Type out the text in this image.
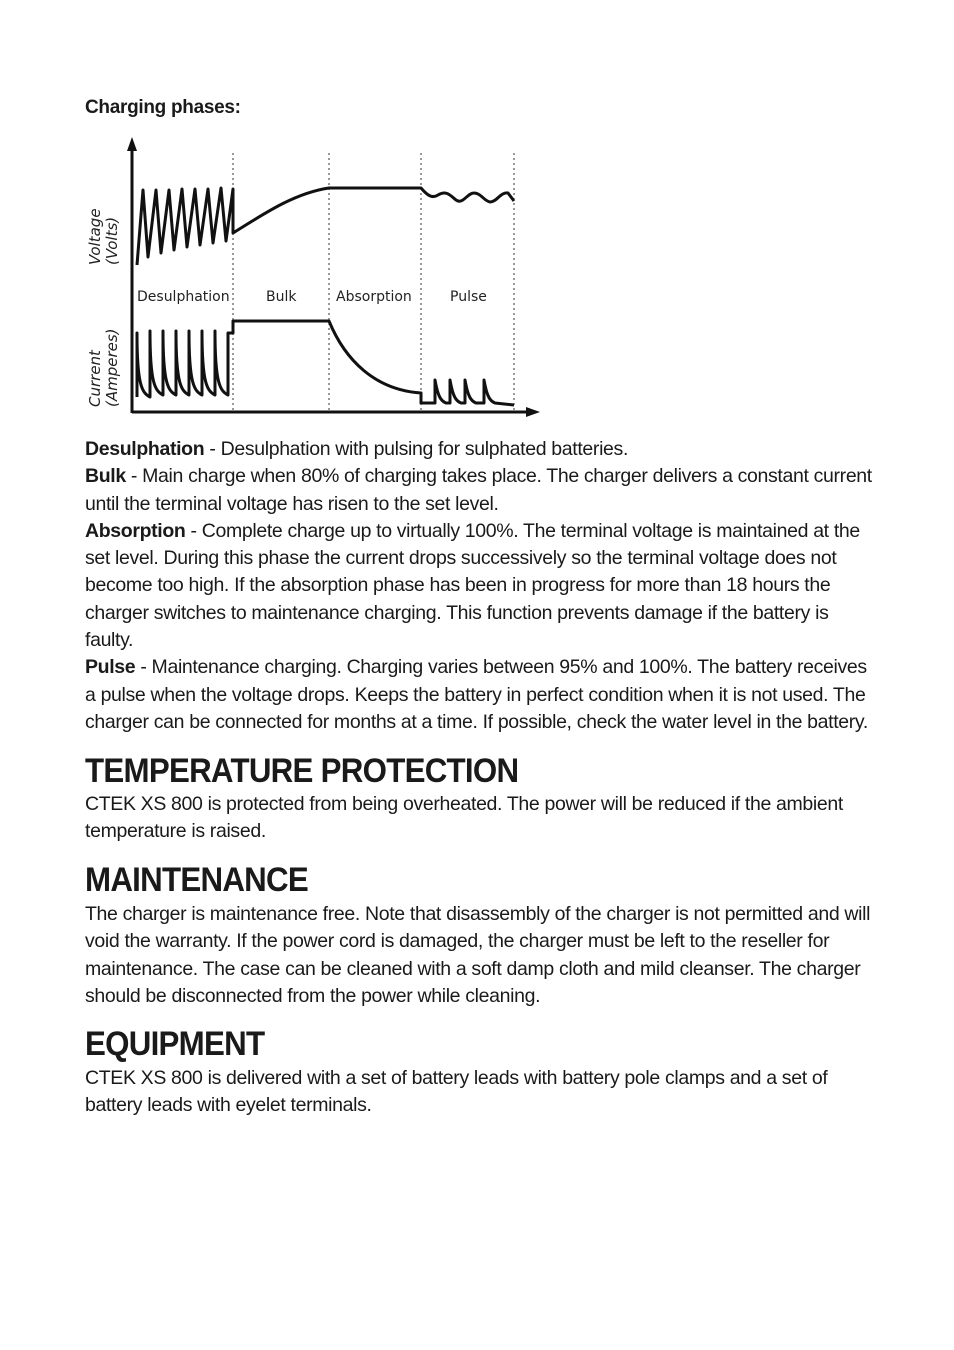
Charging phases:
Voltage (Volts)
Current (Amperes)
Desulphation	Bulk	Absorption	Pulse

Desulphation - Desulphation with pulsing for sulphated batteries.

Bulk - Main charge when 80% of charging takes place. The charger delivers a constant current until the terminal voltage has risen to the set level.

Absorption - Complete charge up to virtually 100%. The terminal voltage is maintained at the set level. During this phase the current drops successively so the terminal voltage does not become too high. If the absorption phase has been in progress for more than 18 hours the charger switches to maintenance charging. This function prevents damage if the battery is faulty.

Pulse - Maintenance charging. Charging varies between 95% and 100%. The battery receives a pulse when the voltage drops. Keeps the battery in perfect condition when it is not used. The charger can be connected for months at a time. If possible, check the water level in the battery.

TEMPERATURE PROTECTION
CTEK XS 800 is protected from being overheated. The power will be reduced if the ambient temperature is raised.
MAINTENANCE
The charger is maintenance free. Note that disassembly of the charger is not permitted and will void the warranty. If the power cord is damaged, the charger must be left to the reseller for maintenance. The case can be cleaned with a soft damp cloth and mild cleanser. The charger should be disconnected from the power while cleaning.
EQUIPMENT
CTEK XS 800 is delivered with a set of battery leads with battery pole clamps and a set of battery leads with eyelet terminals.
